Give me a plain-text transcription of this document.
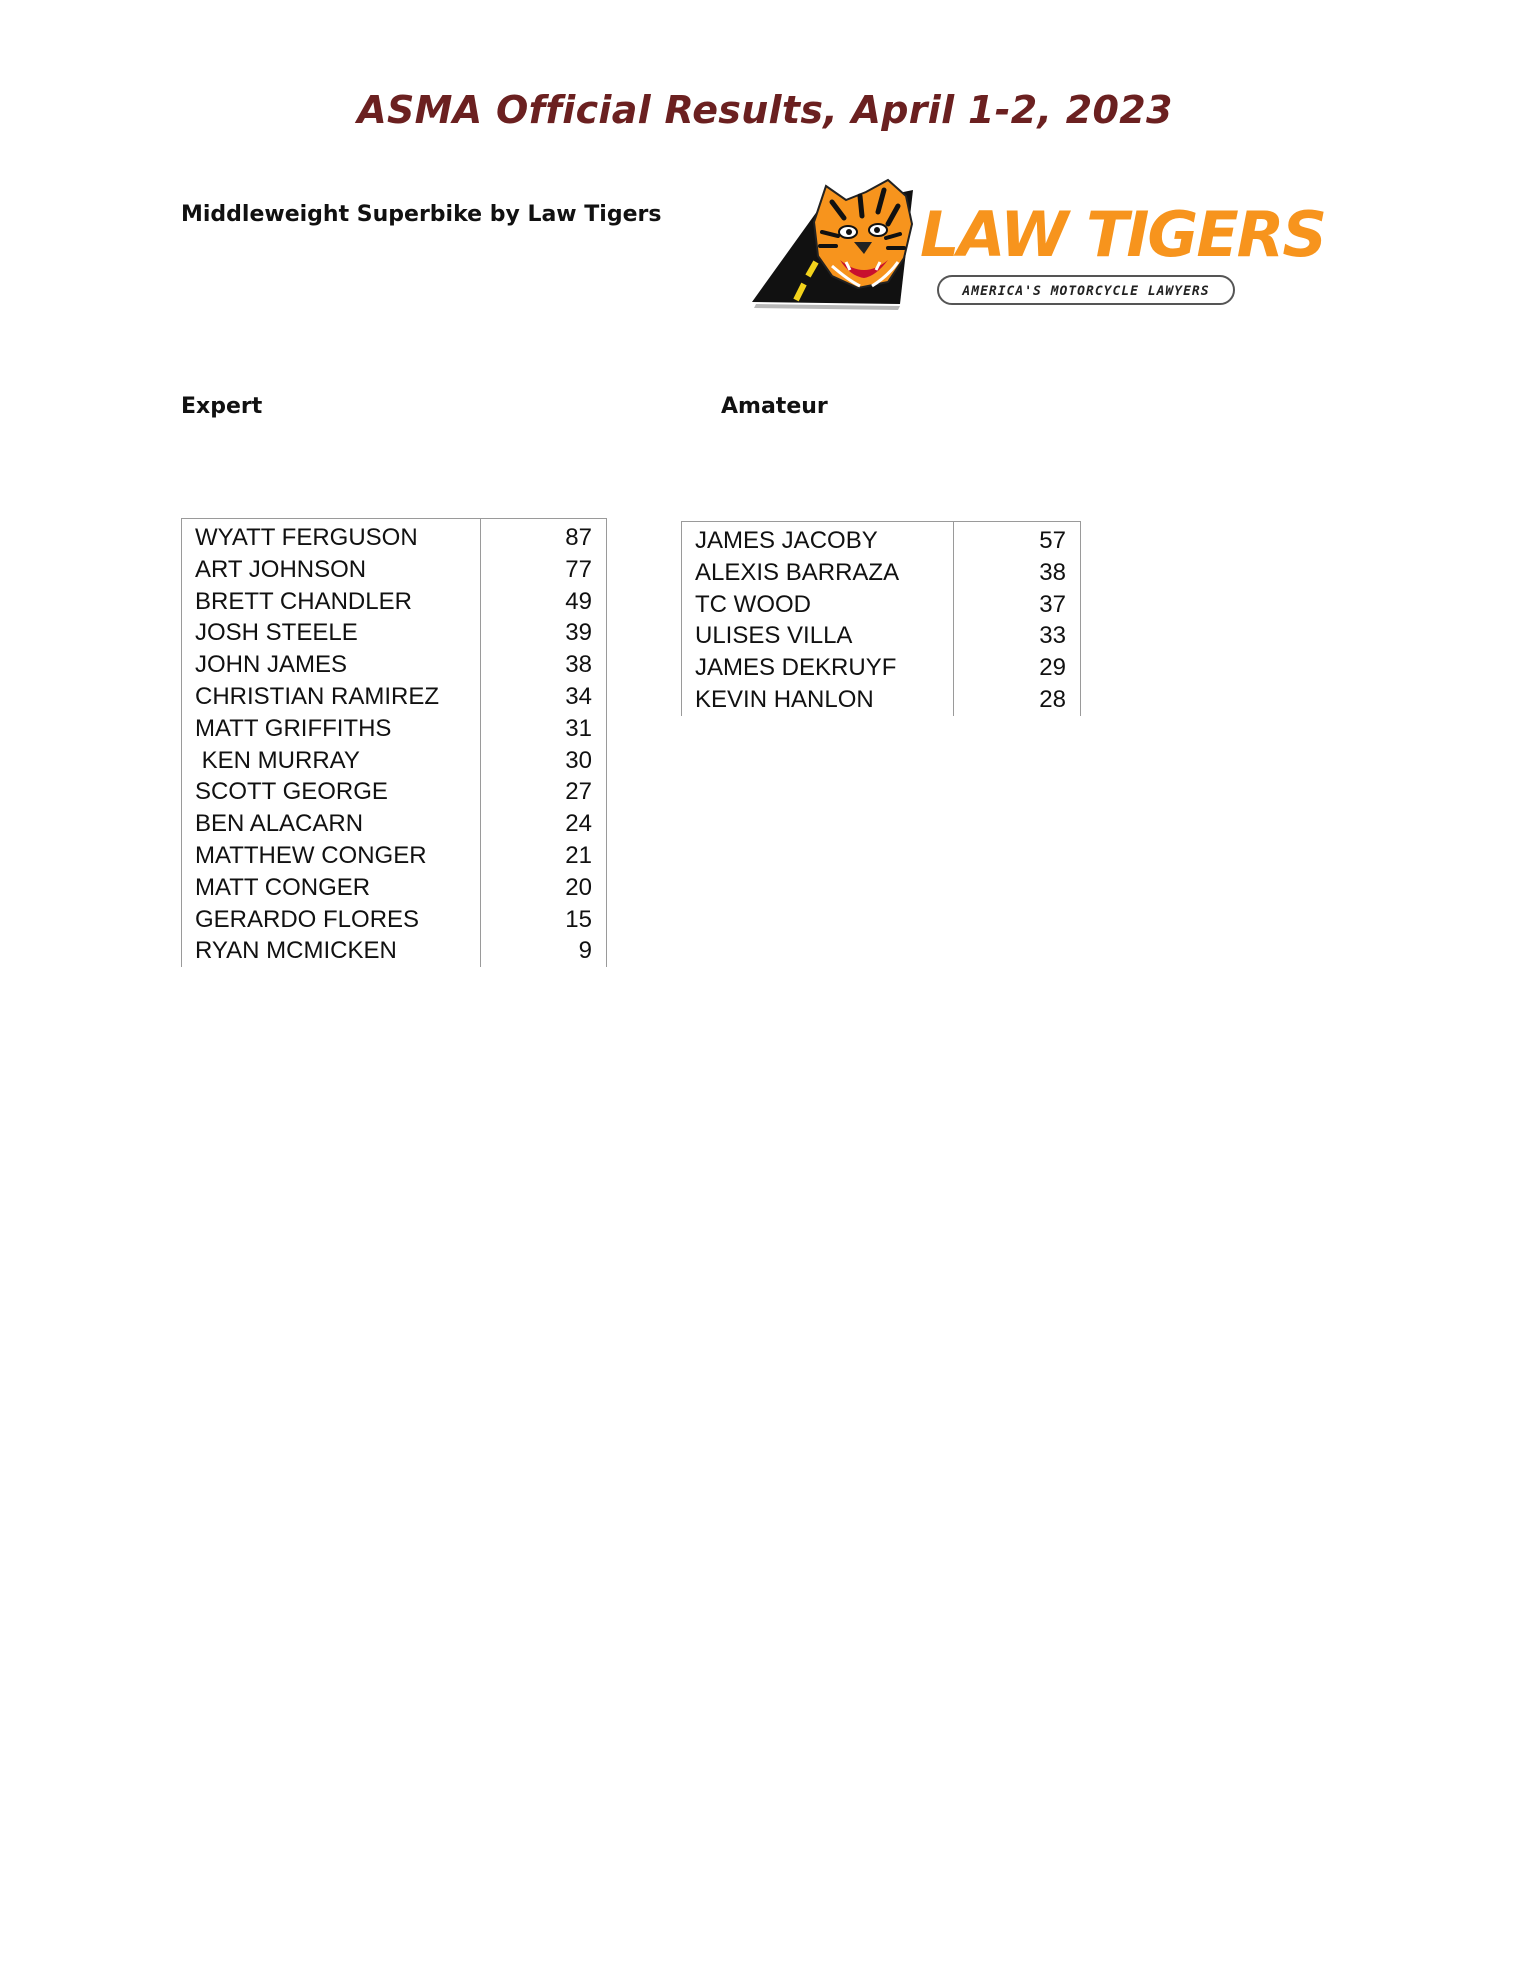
ASMA Official Results, April 1-2, 2023
Middleweight Superbike by Law Tigers	LAW TIGERS
AMERICA'S MOTORCYCLE LAWYERS
Expert	Amateur
WYATT FERGUSON	87
ART JOHNSON	77
BRETT CHANDLER	49
JOSH STEELE	39
JOHN JAMES	38
CHRISTIAN RAMIREZ	34
MATT GRIFFITHS	31
KEN MURRAY	30
SCOTT GEORGE	27
BEN ALACARN	24
MATTHEW CONGER	21
MATT CONGER	20
GERARDO FLORES	15
RYAN MCMICKEN	9
JAMES JACOBY	57
ALEXIS BARRAZA	38
TC WOOD	37
ULISES VILLA	33
JAMES DEKRUYF	29
KEVIN HANLON	28
